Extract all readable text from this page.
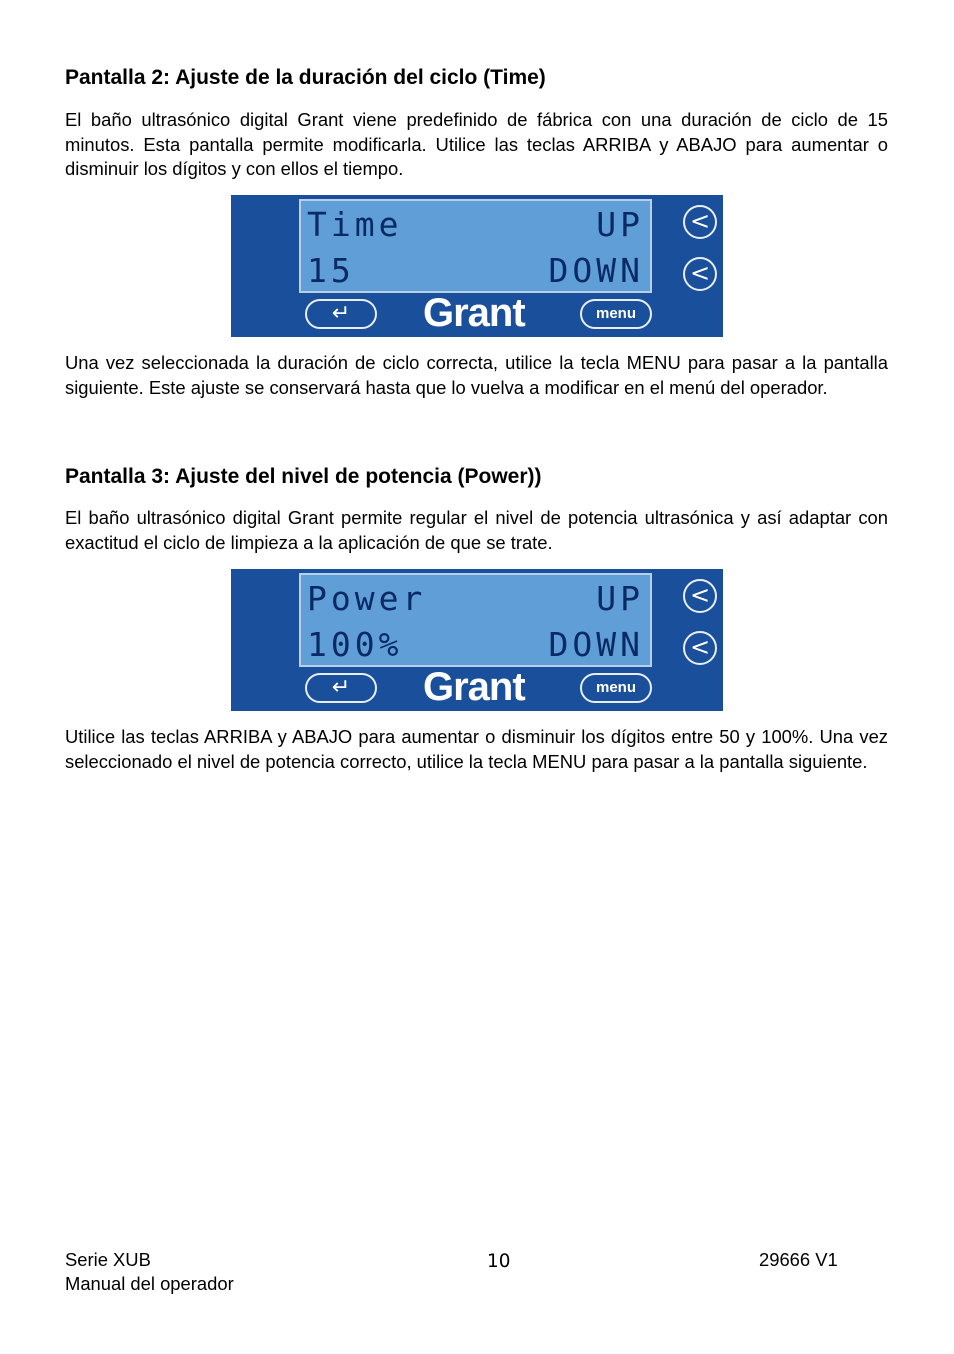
Pantalla 2: Ajuste de la duración del ciclo (Time)

El baño ultrasónico digital Grant viene predefinido de fábrica con una duración de ciclo de 15 minutos. Esta pantalla permite modificarla. Utilice las teclas ARRIBA y ABAJO para aumentar o disminuir los dígitos y con ellos el tiempo.

Time	UP
15	DOWN
<
<
↵	Grant	menu

Una vez seleccionada la duración de ciclo correcta, utilice la tecla MENU para pasar a la pantalla siguiente. Este ajuste se conservará hasta que lo vuelva a modificar en el menú del operador.

Pantalla 3: Ajuste del nivel de potencia (Power))

El baño ultrasónico digital Grant permite regular el nivel de potencia ultrasónica y así adaptar con exactitud el ciclo de limpieza a la aplicación de que se trate.

Power	UP
100%	DOWN
<
<
↵	Grant	menu

Utilice las teclas ARRIBA y ABAJO para aumentar o disminuir los dígitos entre 50 y 100%. Una vez seleccionado el nivel de potencia correcto, utilice la tecla MENU para pasar a la pantalla siguiente.

Serie XUB
Manual del operador
10	29666 V1
